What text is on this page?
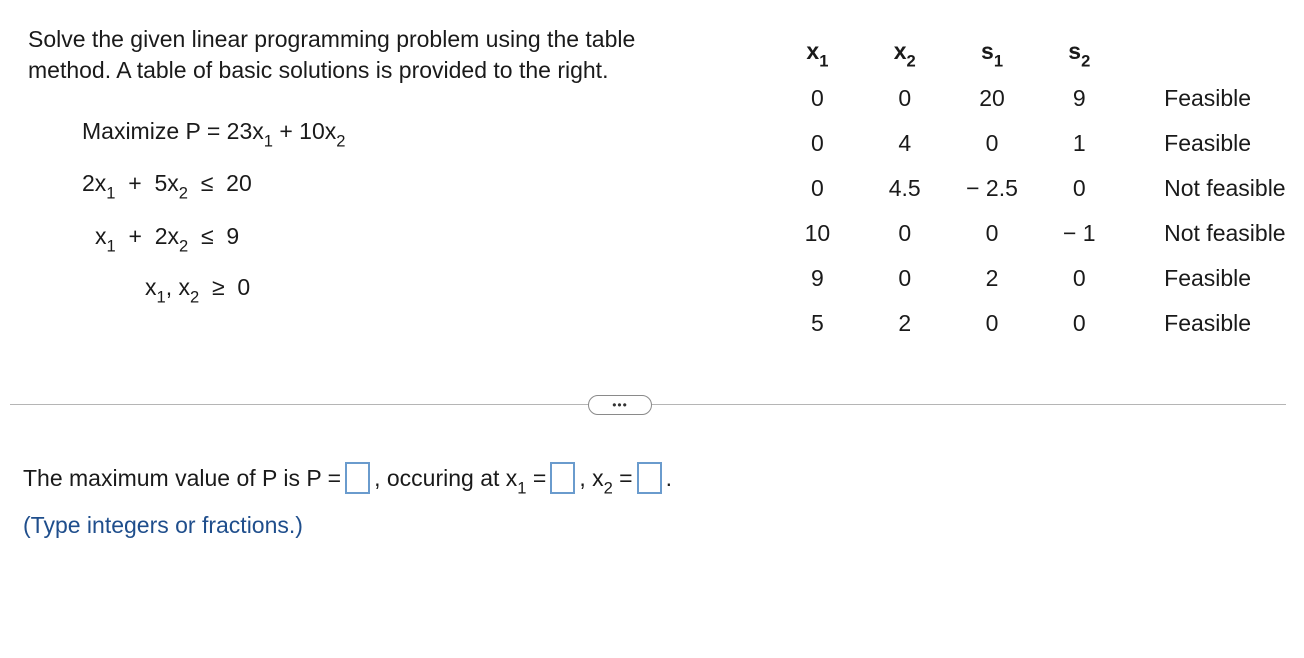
Solve the given linear programming problem using the table
method. A table of basic solutions is provided to the right.
Maximize $P = 23x_1 + 10x_2$
$2x_1 + 5x_2 \le 20$
$x_1 + 2x_2 \le 9$
$x_1$, $x_2 \ge 0$
$x_1$	$x_2$	$s_1$	$s_2$	
0	0	20	9	Feasible
0	4	0	1	Feasible
0	4.5	− 2.5	0	Not feasible
10	0	0	− 1	Not feasible
9	0	2	0	Feasible
5	2	0	0	Feasible
•••
The maximum value of P is P = , occuring at $x_1$ = , $x_2$ = .
(Type integers or fractions.)
